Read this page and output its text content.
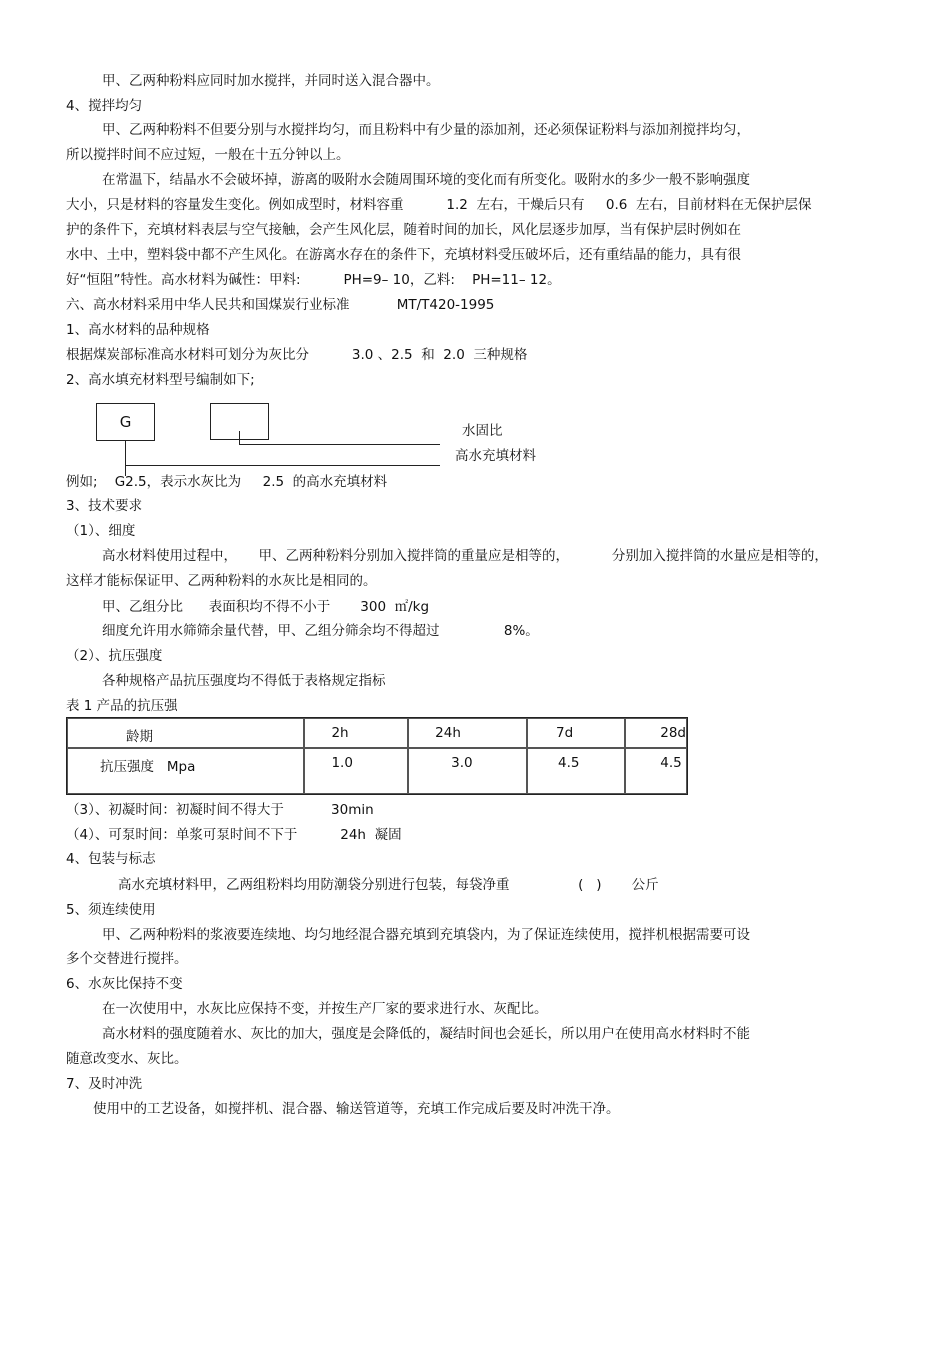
甲、乙两种粉料应同时加水搅拌，并同时送入混合器中。
4、搅拌均匀
甲、乙两种粉料不但要分别与水搅拌均匀，而且粉料中有少量的添加剂，还必须保证粉料与添加剂搅拌均匀，
所以搅拌时间不应过短，一般在十五分钟以上。
在常温下，结晶水不会破坏掉，游离的吸附水会随周围环境的变化而有所变化。吸附水的多少一般不影响强度
大小，只是材料的容量发生变化。例如成型时，材料容重          1.2  左右，干燥后只有     0.6  左右，目前材料在无保护层保
护的条件下，充填材料表层与空气接触，会产生风化层，随着时间的加长，风化层逐步加厚，当有保护层时例如在
水中、土中，塑料袋中都不产生风化。在游离水存在的条件下，充填材料受压破坏后，还有重结晶的能力，具有很
好“恒阻”特性。高水材料为碱性：甲料:          PH=9– 10，乙料:    PH=11– 12。
六、高水材料采用中华人民共和国煤炭行业标准           MT/T420-1995
1、高水材料的品种规格
根据煤炭部标准高水材料可划分为灰比分          3.0 、2.5  和  2.0  三种规格
2、高水填充材料型号编制如下;
G	水固比
高水充填材料
例如;    G2.5，表示水灰比为     2.5  的高水充填材料
3、技术要求
（1）、细度
高水材料使用过程中，     甲、乙两种粉料分别加入搅拌筒的重量应是相等的，          分别加入搅拌筒的水量应是相等的，
这样才能标保证甲、乙两种粉料的水灰比是相同的。
甲、乙组分比      表面积均不得不小于       300  ㎡/kg
细度允许用水筛筛余量代替，甲、乙组分筛余均不得超过               8%。
（2）、抗压强度
各种规格产品抗压强度均不得低于表格规定指标
表 1 产品的抗压强
龄期	2h	24h	7d	28d
抗压强度   Mpa	1.0	3.0	4.5	4.5
（3）、初凝时间：初凝时间不得大于           30min
（4）、可泵时间：单浆可泵时间不下于          24h  凝固
4、包装与标志
高水充填材料甲，乙两组粉料均用防潮袋分别进行包装，每袋净重                (   )       公斤
5、须连续使用
甲、乙两种粉料的浆液要连续地、均匀地经混合器充填到充填袋内，为了保证连续使用，搅拌机根据需要可设
多个交替进行搅拌。
6、水灰比保持不变
在一次使用中，水灰比应保持不变，并按生产厂家的要求进行水、灰配比。
高水材料的强度随着水、灰比的加大，强度是会降低的，凝结时间也会延长，所以用户在使用高水材料时不能
随意改变水、灰比。
7、及时冲洗
使用中的工艺设备，如搅拌机、混合器、输送管道等，充填工作完成后要及时冲洗干净。
